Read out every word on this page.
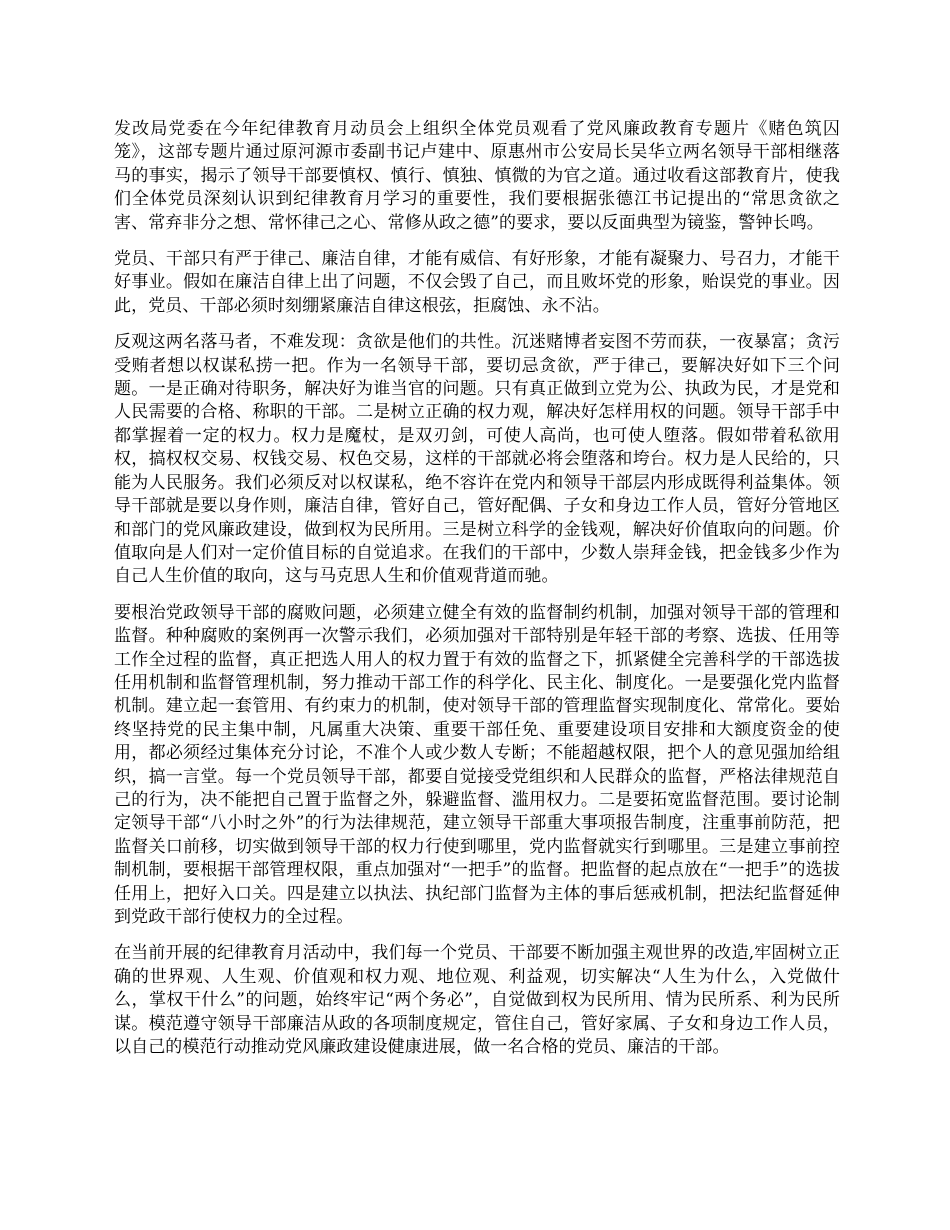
发改局党委在今年纪律教育月动员会上组织全体党员观看了党风廉政教育专题片《赌色筑囚笼》，这部专题片通过原河源市委副书记卢建中、原惠州市公安局长吴华立两名领导干部相继落马的事实，揭示了领导干部要慎权、慎行、慎独、慎微的为官之道。通过收看这部教育片，使我们全体党员深刻认识到纪律教育月学习的重要性，我们要根据张德江书记提出的“常思贪欲之害、常弃非分之想、常怀律己之心、常修从政之德”的要求，要以反面典型为镜鉴，警钟长鸣。

党员、干部只有严于律己、廉洁自律，才能有威信、有好形象，才能有凝聚力、号召力，才能干好事业。假如在廉洁自律上出了问题，不仅会毁了自己，而且败坏党的形象，贻误党的事业。因此，党员、干部必须时刻绷紧廉洁自律这根弦，拒腐蚀、永不沾。

反观这两名落马者，不难发现：贪欲是他们的共性。沉迷赌博者妄图不劳而获，一夜暴富；贪污受贿者想以权谋私捞一把。作为一名领导干部，要切忌贪欲，严于律己，要解决好如下三个问题。一是正确对待职务，解决好为谁当官的问题。只有真正做到立党为公、执政为民，才是党和人民需要的合格、称职的干部。二是树立正确的权力观，解决好怎样用权的问题。领导干部手中都掌握着一定的权力。权力是魔杖，是双刃剑，可使人高尚，也可使人堕落。假如带着私欲用权，搞权权交易、权钱交易、权色交易，这样的干部就必将会堕落和垮台。权力是人民给的，只能为人民服务。我们必须反对以权谋私，绝不容许在党内和领导干部层内形成既得利益集体。领导干部就是要以身作则，廉洁自律，管好自己，管好配偶、子女和身边工作人员，管好分管地区和部门的党风廉政建设，做到权为民所用。三是树立科学的金钱观，解决好价值取向的问题。价值取向是人们对一定价值目标的自觉追求。在我们的干部中，少数人崇拜金钱，把金钱多少作为自己人生价值的取向，这与马克思人生和价值观背道而驰。

要根治党政领导干部的腐败问题，必须建立健全有效的监督制约机制，加强对领导干部的管理和监督。种种腐败的案例再一次警示我们，必须加强对干部特别是年轻干部的考察、选拔、任用等工作全过程的监督，真正把选人用人的权力置于有效的监督之下，抓紧健全完善科学的干部选拔任用机制和监督管理机制，努力推动干部工作的科学化、民主化、制度化。一是要强化党内监督机制。建立起一套管用、有约束力的机制，使对领导干部的管理监督实现制度化、常常化。要始终坚持党的民主集中制，凡属重大决策、重要干部任免、重要建设项目安排和大额度资金的使用，都必须经过集体充分讨论，不准个人或少数人专断；不能超越权限，把个人的意见强加给组织，搞一言堂。每一个党员领导干部，都要自觉接受党组织和人民群众的监督，严格法律规范自己的行为，决不能把自己置于监督之外，躲避监督、滥用权力。二是要拓宽监督范围。要讨论制定领导干部“八小时之外”的行为法律规范，建立领导干部重大事项报告制度，注重事前防范，把监督关口前移，切实做到领导干部的权力行使到哪里，党内监督就实行到哪里。三是建立事前控制机制，要根据干部管理权限，重点加强对“一把手”的监督。把监督的起点放在“一把手”的选拔任用上，把好入口关。四是建立以执法、执纪部门监督为主体的事后惩戒机制，把法纪监督延伸到党政干部行使权力的全过程。

在当前开展的纪律教育月活动中，我们每一个党员、干部要不断加强主观世界的改造,牢固树立正确的世界观、人生观、价值观和权力观、地位观、利益观，切实解决“人生为什么，入党做什么，掌权干什么”的问题，始终牢记“两个务必”，自觉做到权为民所用、情为民所系、利为民所谋。模范遵守领导干部廉洁从政的各项制度规定，管住自己，管好家属、子女和身边工作人员，以自己的模范行动推动党风廉政建设健康进展，做一名合格的党员、廉洁的干部。
